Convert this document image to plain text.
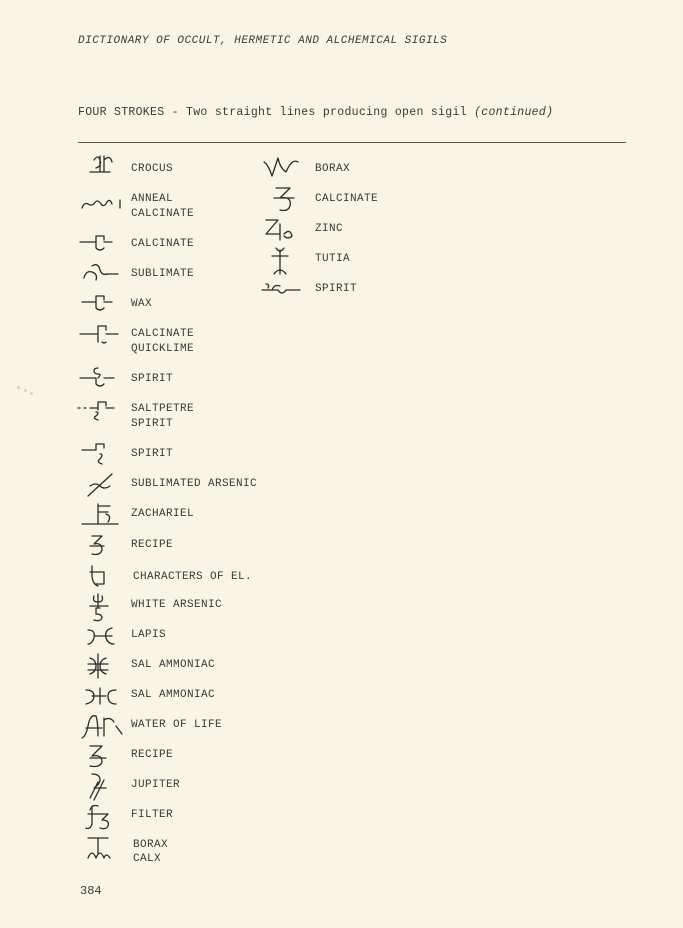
DICTIONARY OF OCCULT, HERMETIC AND ALCHEMICAL SIGILS
FOUR STROKES - Two straight lines producing open sigil (continued)
CROCUS
ANNEAL
CALCINATE
CALCINATE
SUBLIMATE
WAX
CALCINATE
QUICKLIME
SPIRIT
SALTPETRE
SPIRIT
SPIRIT
SUBLIMATED ARSENIC
ZACHARIEL
RECIPE
CHARACTERS OF EL.
WHITE ARSENIC
LAPIS
SAL AMMONIAC
SAL AMMONIAC
WATER OF LIFE
RECIPE
JUPITER
FILTER
BORAX
CALX
BORAX
CALCINATE
ZINC
TUTIA
SPIRIT
384
